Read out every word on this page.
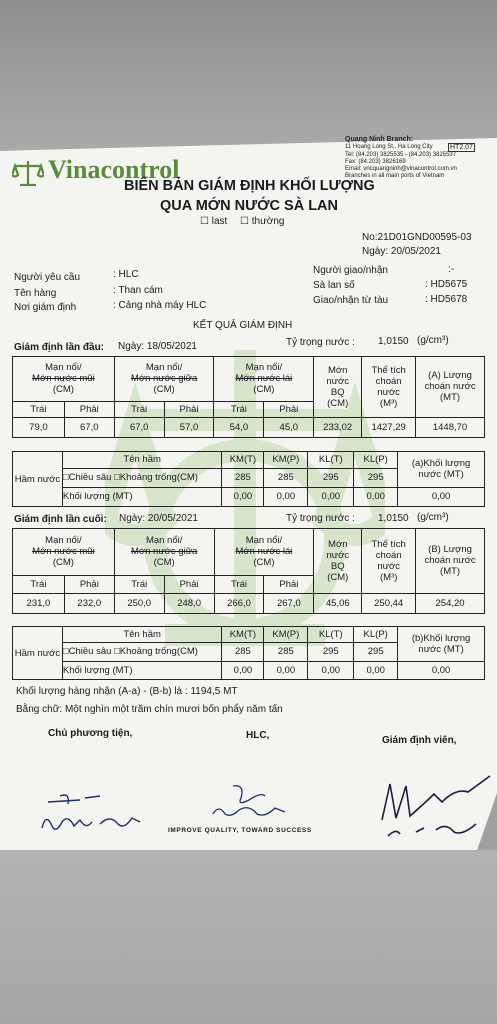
Vinacontrol
Quang Ninh Branch:
11 Hoang Long St., Ha Long City
Tel: (84.203) 3825535 - (84.203) 3825537
Fax: (84.203) 3826169
Email: vncquangninh@vinacontrol.com.vn
Branches in all main ports of Vietnam
HT2.07
BIÊN BẢN GIÁM ĐỊNH KHỐI LƯỢNG
QUA MỚN NƯỚC SÀ LAN
☐ last ☐ thường
No:21D01GND00595-03
Ngày: 20/05/2021
Người yêu cầu	: HLC
Tên hàng	: Than cám
Nơi giám định	: Cảng nhà máy HLC
Người giao/nhận	:-
Sà lan số	: HD5675
Giao/nhận từ tàu	: HD5678
KẾT QUẢ GIÁM ĐỊNH
Giám định lần đầu: Ngày: 18/05/2021	Tỷ trọng nước : 1,0150 (g/cm³)
Mạn nổi/
Mớn nước mũi
(CM)		Mạn nổi/
Mớn nước giữa
(CM)		Mạn nổi/
Mớn nước lái
(CM)		Mớn
nước
BQ
(CM)	Thể tích
choán
nước
(M³)	(A) Lượng
choán nước
(MT)
Trái	Phải	Trái	Phải	Trái	Phải			
79,0	67,0	67,0	57,0	54,0	45,0	233,02	1427,29	1448,70
Hầm nước	Tên hầm	KM(T)	KM(P)	KL(T)	KL(P)	(a)Khối lượng
nước (MT)
	□Chiều sâu □Khoảng trống(CM)	285	285	295	295	
	Khối lượng (MT)	0,00	0,00	0,00	0,00	0,00
Giám định lần cuối: Ngày: 20/05/2021	Tỷ trọng nước : 1,0150 (g/cm³)
Mạn nổi/
Mớn nước mũi
(CM)		Mạn nổi/
Mớn nước giữa
(CM)		Mạn nổi/
Mớn nước lái
(CM)		Mớn
nước
BQ
(CM)	Thể tích
choán
nước
(M³)	(B) Lượng
choán nước
(MT)
Trái	Phải	Trái	Phải	Trái	Phải			
231,0	232,0	250,0	248,0	266,0	267,0	45,06	250,44	254,20
Hầm nước	Tên hầm	KM(T)	KM(P)	KL(T)	KL(P)	(b)Khối lượng
nước (MT)
	□Chiều sâu □Khoảng trống(CM)	285	285	295	295	
	Khối lượng (MT)	0,00	0,00	0,00	0,00	0,00
Khối lượng hàng nhận (A-a) - (B-b) là : 1194,5 MT
Bằng chữ: Một nghìn một trăm chín mươi bốn phẩy năm tấn
Chủ phương tiện,	HLC,	Giám định viên,
IMPROVE QUALITY, TOWARD SUCCESS
